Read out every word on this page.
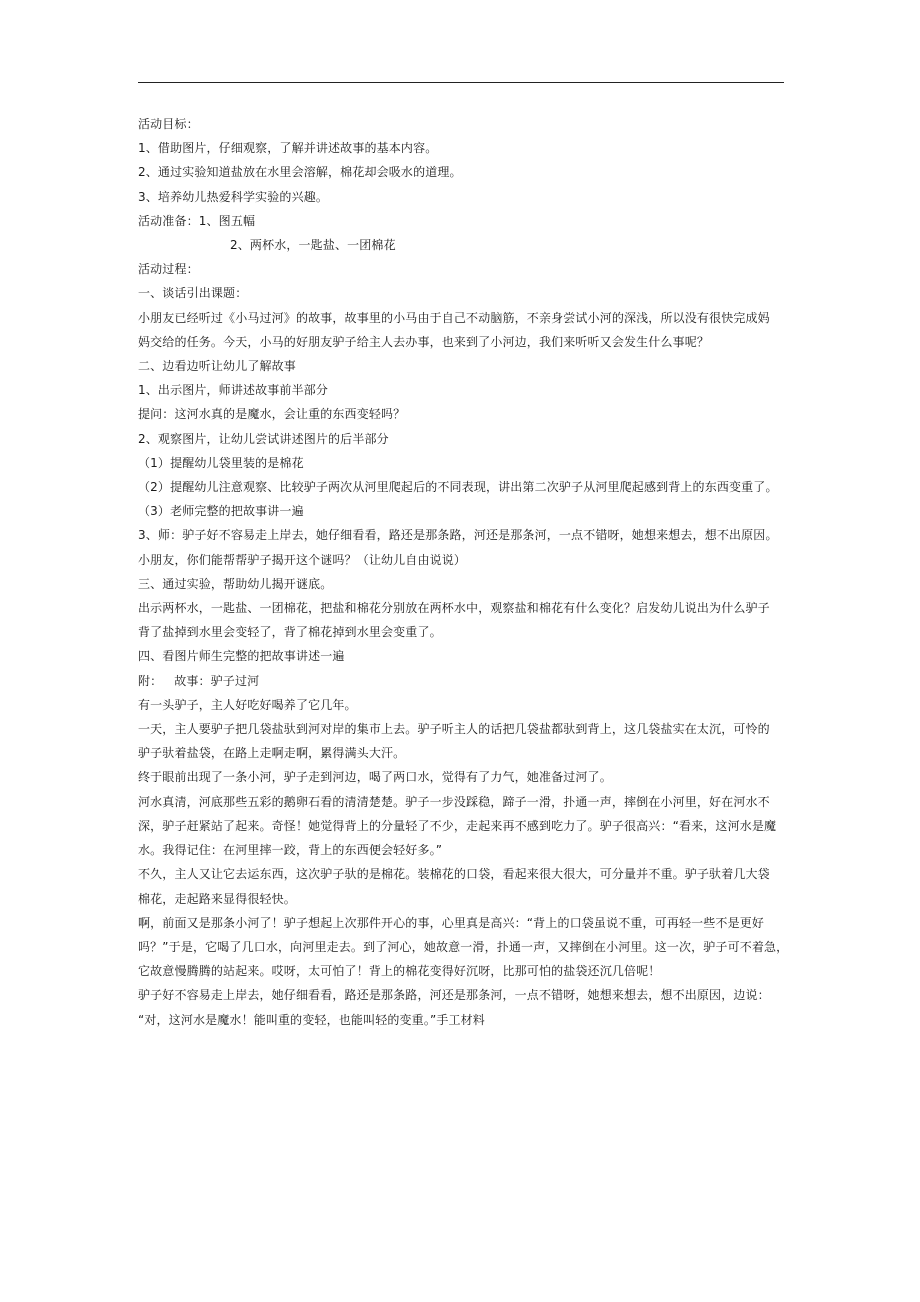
活动目标：
1、借助图片，仔细观察，了解并讲述故事的基本内容。
2、通过实验知道盐放在水里会溶解，棉花却会吸水的道理。
3、培养幼儿热爱科学实验的兴趣。
活动准备：1、图五幅
2、两杯水，一匙盐、一团棉花
活动过程：
一、谈话引出课题：
小朋友已经听过《小马过河》的故事，故事里的小马由于自己不动脑筋，不亲身尝试小河的深浅，所以没有很快完成妈
妈交给的任务。今天，小马的好朋友驴子给主人去办事，也来到了小河边，我们来听听又会发生什么事呢？
二、边看边听让幼儿了解故事
1、出示图片，师讲述故事前半部分
提问：这河水真的是魔水，会让重的东西变轻吗？
2、观察图片，让幼儿尝试讲述图片的后半部分
（1）提醒幼儿袋里装的是棉花
（2）提醒幼儿注意观察、比较驴子两次从河里爬起后的不同表现，讲出第二次驴子从河里爬起感到背上的东西变重了。
（3）老师完整的把故事讲一遍
3、师：驴子好不容易走上岸去，她仔细看看，路还是那条路，河还是那条河，一点不错呀，她想来想去，想不出原因。
小朋友，你们能帮帮驴子揭开这个谜吗？（让幼儿自由说说）
三、通过实验，帮助幼儿揭开谜底。
出示两杯水，一匙盐、一团棉花，把盐和棉花分别放在两杯水中，观察盐和棉花有什么变化？启发幼儿说出为什么驴子
背了盐掉到水里会变轻了，背了棉花掉到水里会变重了。
四、看图片师生完整的把故事讲述一遍
附：   故事：驴子过河
有一头驴子，主人好吃好喝养了它几年。
一天，主人要驴子把几袋盐驮到河对岸的集市上去。驴子听主人的话把几袋盐都驮到背上，这几袋盐实在太沉，可怜的
驴子驮着盐袋，在路上走啊走啊，累得满头大汗。
终于眼前出现了一条小河，驴子走到河边，喝了两口水，觉得有了力气，她准备过河了。
河水真清，河底那些五彩的鹅卵石看的清清楚楚。驴子一步没踩稳，蹄子一滑，扑通一声，摔倒在小河里，好在河水不
深，驴子赶紧站了起来。奇怪！她觉得背上的分量轻了不少，走起来再不感到吃力了。驴子很高兴：“看来，这河水是魔
水。我得记住：在河里摔一跤，背上的东西便会轻好多。”
不久，主人又让它去运东西，这次驴子驮的是棉花。装棉花的口袋，看起来很大很大，可分量并不重。驴子驮着几大袋
棉花，走起路来显得很轻快。
啊，前面又是那条小河了！驴子想起上次那件开心的事，心里真是高兴：“背上的口袋虽说不重，可再轻一些不是更好
吗？”于是，它喝了几口水，向河里走去。到了河心，她故意一滑，扑通一声，又摔倒在小河里。这一次，驴子可不着急，
它故意慢腾腾的站起来。哎呀，太可怕了！背上的棉花变得好沉呀，比那可怕的盐袋还沉几倍呢！
驴子好不容易走上岸去，她仔细看看，路还是那条路，河还是那条河，一点不错呀，她想来想去，想不出原因，边说：
“对，这河水是魔水！能叫重的变轻，也能叫轻的变重。”手工材料
